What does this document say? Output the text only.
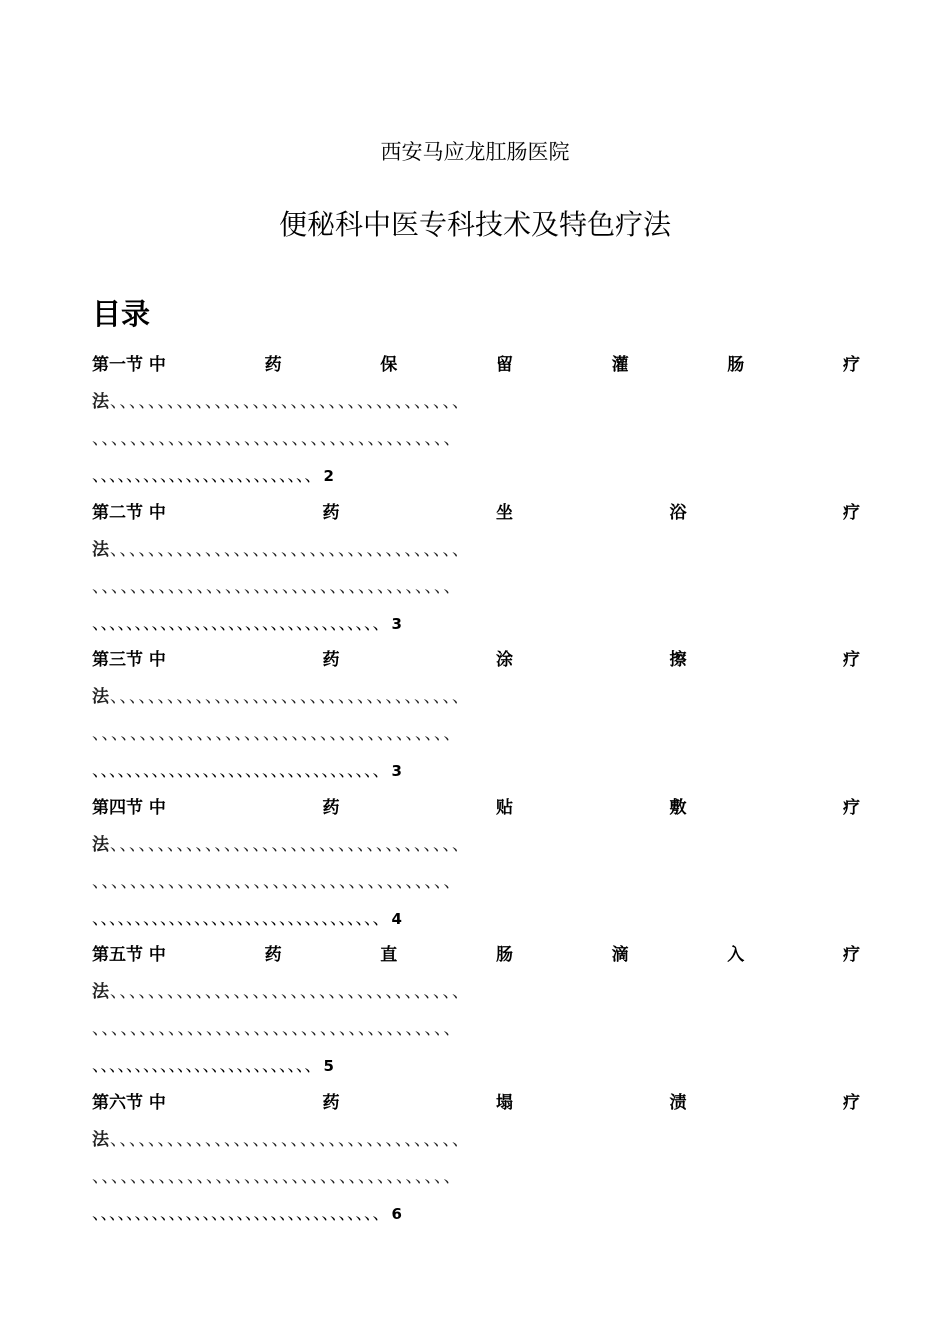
西安马应龙肛肠医院
便秘科中医专科技术及特色疗法
目录
第一节 中	药	保	留	灌	肠	疗
法、、、、、、、、、、、、、、、、、、、、、、、、、、、、、、、、、、、、、
、、、、、、、、、、、、、、、、、、、、、、、、、、、、、、、、、、、、、、
、、、、、、、、、、、、、、、、、、、、、、、、、、 2
第二节 中	药	坐	浴	疗
法、、、、、、、、、、、、、、、、、、、、、、、、、、、、、、、、、、、、、
、、、、、、、、、、、、、、、、、、、、、、、、、、、、、、、、、、、、、、
、、、、、、、、、、、、、、、、、、、、、、、、、、、、、、、、、、 3
第三节 中	药	涂	擦	疗
法、、、、、、、、、、、、、、、、、、、、、、、、、、、、、、、、、、、、、
、、、、、、、、、、、、、、、、、、、、、、、、、、、、、、、、、、、、、、
、、、、、、、、、、、、、、、、、、、、、、、、、、、、、、、、、、 3
第四节 中	药	贴	敷	疗
法、、、、、、、、、、、、、、、、、、、、、、、、、、、、、、、、、、、、、
、、、、、、、、、、、、、、、、、、、、、、、、、、、、、、、、、、、、、、
、、、、、、、、、、、、、、、、、、、、、、、、、、、、、、、、、、 4
第五节 中	药	直	肠	滴	入	疗
法、、、、、、、、、、、、、、、、、、、、、、、、、、、、、、、、、、、、、
、、、、、、、、、、、、、、、、、、、、、、、、、、、、、、、、、、、、、、
、、、、、、、、、、、、、、、、、、、、、、、、、、 5
第六节 中	药	塌	渍	疗
法、、、、、、、、、、、、、、、、、、、、、、、、、、、、、、、、、、、、、
、、、、、、、、、、、、、、、、、、、、、、、、、、、、、、、、、、、、、、
、、、、、、、、、、、、、、、、、、、、、、、、、、、、、、、、、、 6
